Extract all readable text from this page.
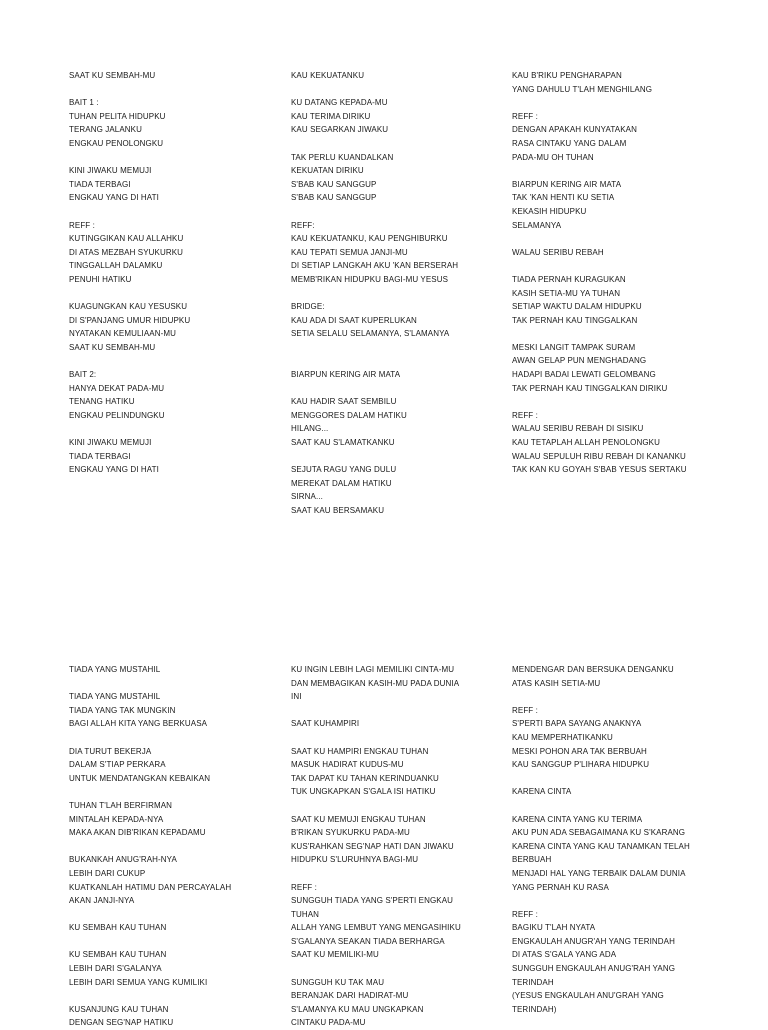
SAAT KU SEMBAH-MU
BAIT 1 :
TUHAN PELITA HIDUPKU
TERANG JALANKU
ENGKAU PENOLONGKU
KINI JIWAKU MEMUJI
TIADA TERBAGI
ENGKAU YANG DI HATI
REFF :
KUTINGGIKAN KAU ALLAHKU
DI ATAS MEZBAH SYUKURKU
TINGGALLAH DALAMKU
PENUHI HATIKU
KUAGUNGKAN KAU YESUSKU
DI S'PANJANG UMUR HIDUPKU
NYATAKAN KEMULIAAN-MU
SAAT KU SEMBAH-MU
BAIT 2:
HANYA DEKAT PADA-MU
TENANG HATIKU
ENGKAU PELINDUNGKU
KINI JIWAKU MEMUJI
TIADA TERBAGI
ENGKAU YANG DI HATI
KAU KEKUATANKU
KU DATANG KEPADA-MU
KAU TERIMA DIRIKU
KAU SEGARKAN JIWAKU
TAK PERLU KUANDALKAN
KEKUATAN DIRIKU
S'BAB KAU SANGGUP
S'BAB KAU SANGGUP
REFF:
KAU KEKUATANKU, KAU PENGHIBURKU
KAU TEPATI SEMUA JANJI-MU
DI SETIAP LANGKAH AKU 'KAN BERSERAH
MEMB'RIKAN HIDUPKU BAGI-MU YESUS
BRIDGE:
KAU ADA DI SAAT KUPERLUKAN
SETIA SELALU SELAMANYA, S'LAMANYA
BIARPUN KERING AIR MATA
KAU HADIR SAAT SEMBILU
MENGGORES DALAM HATIKU
HILANG...
SAAT KAU S'LAMATKANKU
SEJUTA RAGU YANG DULU
MEREKAT DALAM HATIKU
SIRNA...
SAAT KAU BERSAMAKU
KAU B'RIKU PENGHARAPAN
YANG DAHULU T'LAH MENGHILANG
REFF :
DENGAN APAKAH KUNYATAKAN
RASA CINTAKU YANG DALAM
PADA-MU OH TUHAN
BIARPUN KERING AIR MATA
TAK 'KAN HENTI KU SETIA
KEKASIH HIDUPKU
SELAMANYA
WALAU SERIBU REBAH
TIADA PERNAH KURAGUKAN
KASIH SETIA-MU YA TUHAN
SETIAP WAKTU DALAM HIDUPKU
TAK PERNAH KAU TINGGALKAN
MESKI LANGIT TAMPAK SURAM
AWAN GELAP PUN MENGHADANG
HADAPI BADAI LEWATI GELOMBANG
TAK PERNAH KAU TINGGALKAN DIRIKU
REFF :
WALAU SERIBU REBAH DI SISIKU
KAU TETAPLAH ALLAH PENOLONGKU
WALAU SEPULUH RIBU REBAH DI KANANKU
TAK KAN KU GOYAH S'BAB YESUS SERTAKU
TIADA YANG MUSTAHIL
TIADA YANG MUSTAHIL
TIADA YANG TAK MUNGKIN
BAGI ALLAH KITA YANG BERKUASA
DIA TURUT BEKERJA
DALAM S'TIAP PERKARA
UNTUK MENDATANGKAN KEBAIKAN
TUHAN T'LAH BERFIRMAN
MINTALAH KEPADA-NYA
MAKA AKAN DIB'RIKAN KEPADAMU
BUKANKAH ANUG'RAH-NYA
LEBIH DARI CUKUP
KUATKANLAH HATIMU DAN PERCAYALAH
AKAN JANJI-NYA
KU SEMBAH KAU TUHAN
KU SEMBAH KAU TUHAN
LEBIH DARI S'GALANYA
LEBIH DARI SEMUA YANG KUMILIKI
KUSANJUNG KAU TUHAN
DENGAN SEG'NAP HATIKU
KU INGIN LEBIH LAGI MEMILIKI CINTA-MU
DAN MEMBAGIKAN KASIH-MU PADA DUNIA
INI
SAAT KUHAMPIRI
SAAT KU HAMPIRI ENGKAU TUHAN
MASUK HADIRAT KUDUS-MU
TAK DAPAT KU TAHAN KERINDUANKU
TUK UNGKAPKAN S'GALA ISI HATIKU
SAAT KU MEMUJI ENGKAU TUHAN
B'RIKAN SYUKURKU PADA-MU
KUS'RAHKAN SEG'NAP HATI DAN JIWAKU
HIDUPKU S'LURUHNYA BAGI-MU
REFF :
SUNGGUH TIADA YANG S'PERTI ENGKAU
TUHAN
ALLAH YANG LEMBUT YANG MENGASIHIKU
S'GALANYA SEAKAN TIADA BERHARGA
SAAT KU MEMILIKI-MU
SUNGGUH KU TAK MAU
BERANJAK DARI HADIRAT-MU
S'LAMANYA KU MAU UNGKAPKAN
CINTAKU PADA-MU
MENDENGAR DAN BERSUKA DENGANKU
ATAS KASIH SETIA-MU
REFF :
S'PERTI BAPA SAYANG ANAKNYA
KAU MEMPERHATIKANKU
MESKI POHON ARA TAK BERBUAH
KAU SANGGUP P'LIHARA HIDUPKU
KARENA CINTA
KARENA CINTA YANG KU TERIMA
AKU PUN ADA SEBAGAIMANA KU S'KARANG
KARENA CINTA YANG KAU TANAMKAN TELAH
BERBUAH
MENJADI HAL YANG TERBAIK DALAM DUNIA
YANG PERNAH KU RASA
REFF :
BAGIKU T'LAH NYATA
ENGKAULAH ANUGR'AH YANG TERINDAH
DI ATAS S'GALA YANG ADA
SUNGGUH ENGKAULAH ANUG'RAH YANG
TERINDAH
(YESUS ENGKAULAH ANU'GRAH YANG
TERINDAH)
